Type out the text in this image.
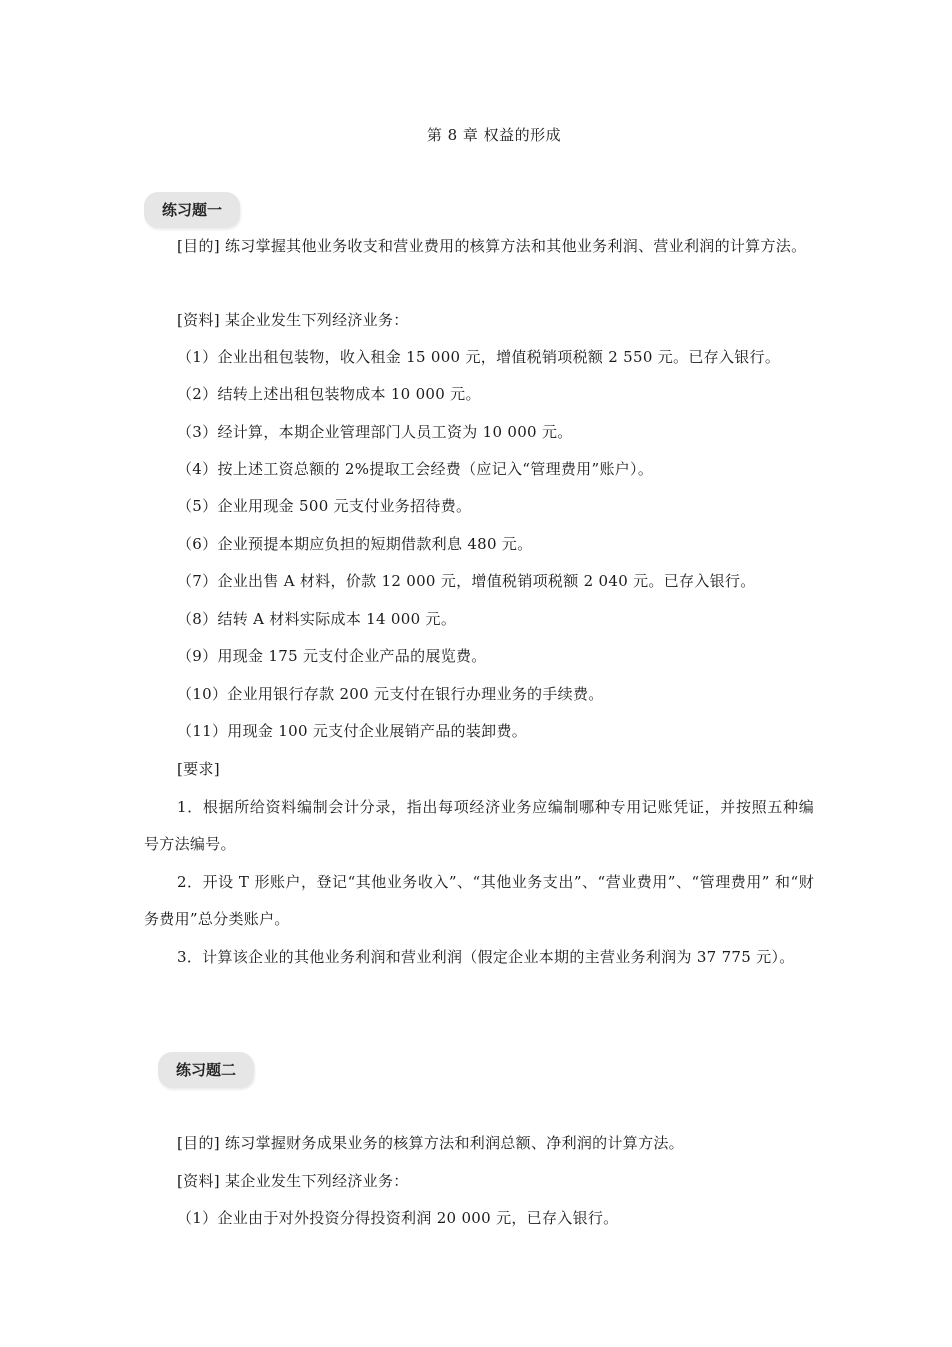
第 8 章 权益的形成
练习题一
[目的] 练习掌握其他业务收支和营业费用的核算方法和其他业务利润、营业利润的计算方法。
[资料] 某企业发生下列经济业务：
（1）企业出租包装物，收入租金 15 000 元，增值税销项税额 2 550 元。已存入银行。
（2）结转上述出租包装物成本 10 000 元。
（3）经计算，本期企业管理部门人员工资为 10 000 元。
（4）按上述工资总额的 2%提取工会经费（应记入“管理费用”账户）。
（5）企业用现金 500 元支付业务招待费。
（6）企业预提本期应负担的短期借款利息 480 元。
（7）企业出售 A 材料，价款 12 000 元，增值税销项税额 2 040 元。已存入银行。
（8）结转 A 材料实际成本 14 000 元。
（9）用现金 175 元支付企业产品的展览费。
（10）企业用银行存款 200 元支付在银行办理业务的手续费。
（11）用现金 100 元支付企业展销产品的装卸费。
[要求]
1．根据所给资料编制会计分录，指出每项经济业务应编制哪种专用记账凭证，并按照五种编号方法编号。
2．开设 T 形账户，登记“其他业务收入”、“其他业务支出”、“营业费用”、“管理费用” 和“财务费用”总分类账户。
3．计算该企业的其他业务利润和营业利润（假定企业本期的主营业务利润为 37 775 元）。
练习题二
[目的] 练习掌握财务成果业务的核算方法和利润总额、净利润的计算方法。
[资料] 某企业发生下列经济业务：
（1）企业由于对外投资分得投资利润 20 000 元，已存入银行。
